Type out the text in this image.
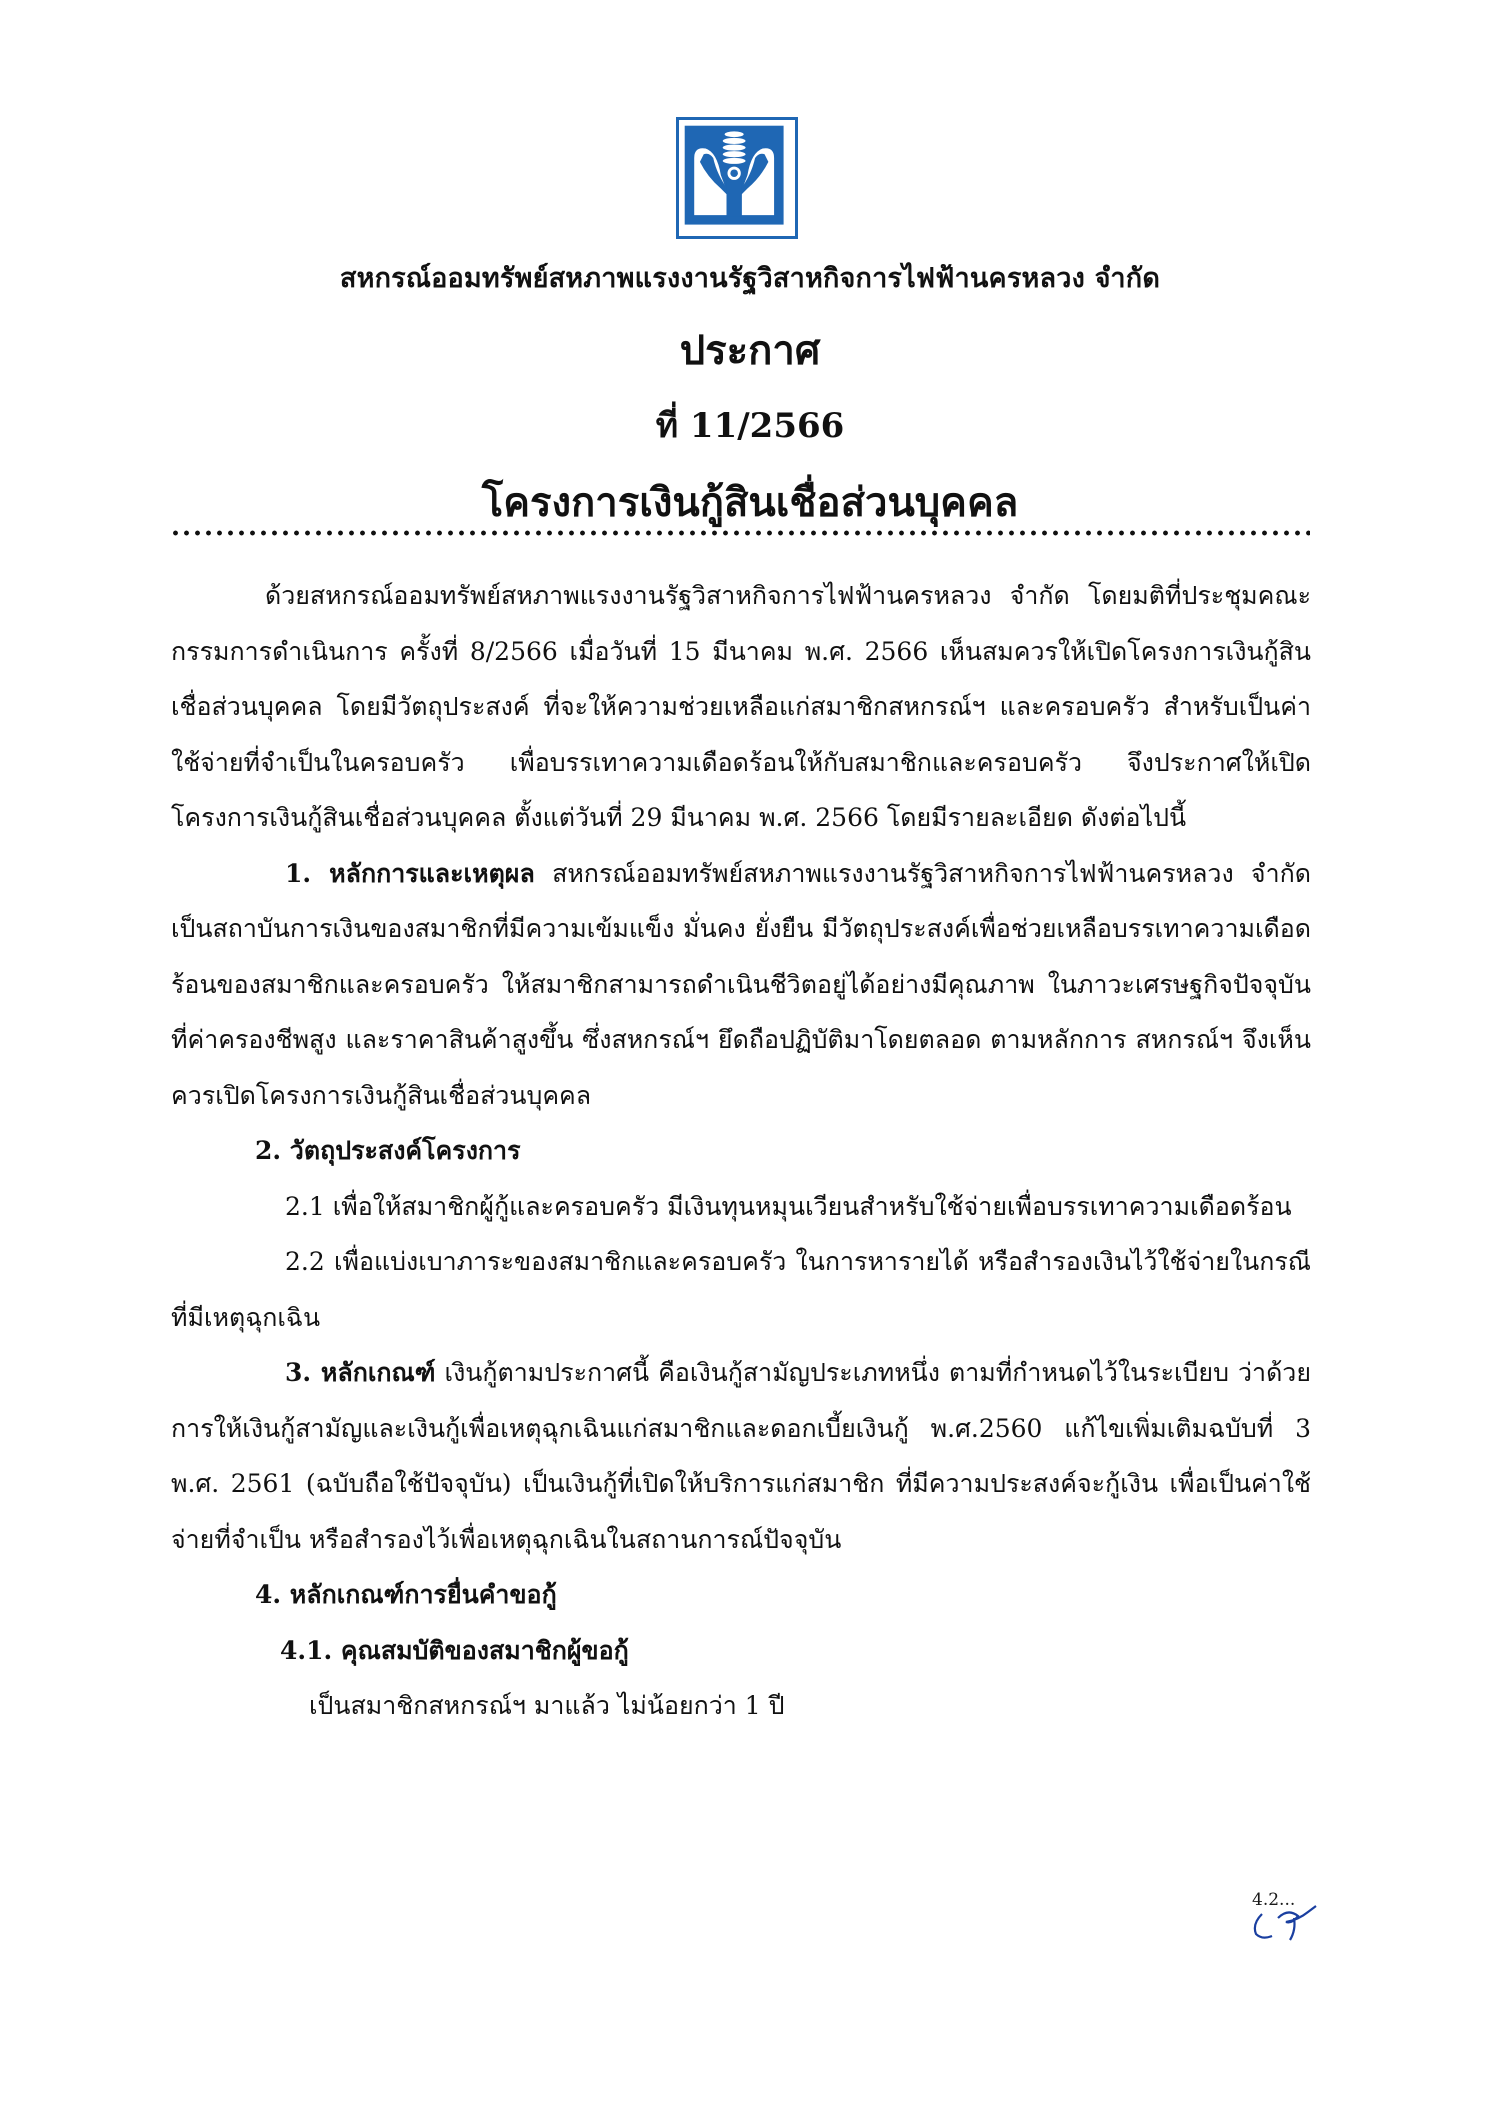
สหกรณ์ออมทรัพย์สหภาพแรงงานรัฐวิสาหกิจการไฟฟ้านครหลวง จำกัด
ประกาศ
ที่ 11/2566
โครงการเงินกู้สินเชื่อส่วนบุคคล

ด้วยสหกรณ์ออมทรัพย์สหภาพแรงงานรัฐวิสาหกิจการไฟฟ้านครหลวง จำกัด โดยมติที่ประชุมคณะกรรมการดำเนินการ ครั้งที่ 8/2566 เมื่อวันที่ 15 มีนาคม พ.ศ. 2566 เห็นสมควรให้เปิดโครงการเงินกู้สินเชื่อส่วนบุคคล โดยมีวัตถุประสงค์ ที่จะให้ความช่วยเหลือแก่สมาชิกสหกรณ์ฯ และครอบครัว สำหรับเป็นค่าใช้จ่ายที่จำเป็นในครอบครัว เพื่อบรรเทาความเดือดร้อนให้กับสมาชิกและครอบครัว จึงประกาศให้เปิดโครงการเงินกู้สินเชื่อส่วนบุคคล ตั้งแต่วันที่ 29 มีนาคม พ.ศ. 2566 โดยมีรายละเอียด ดังต่อไปนี้

1. หลักการและเหตุผล สหกรณ์ออมทรัพย์สหภาพแรงงานรัฐวิสาหกิจการไฟฟ้านครหลวง จำกัด เป็นสถาบันการเงินของสมาชิกที่มีความเข้มแข็ง มั่นคง ยั่งยืน มีวัตถุประสงค์เพื่อช่วยเหลือบรรเทาความเดือดร้อนของสมาชิกและครอบครัว ให้สมาชิกสามารถดำเนินชีวิตอยู่ได้อย่างมีคุณภาพ ในภาวะเศรษฐกิจปัจจุบัน ที่ค่าครองชีพสูง และราคาสินค้าสูงขึ้น ซึ่งสหกรณ์ฯ ยึดถือปฏิบัติมาโดยตลอด ตามหลักการ สหกรณ์ฯ จึงเห็นควรเปิดโครงการเงินกู้สินเชื่อส่วนบุคคล

2. วัตถุประสงค์โครงการ

2.1 เพื่อให้สมาชิกผู้กู้และครอบครัว มีเงินทุนหมุนเวียนสำหรับใช้จ่ายเพื่อบรรเทาความเดือดร้อน

2.2 เพื่อแบ่งเบาภาระของสมาชิกและครอบครัว ในการหารายได้ หรือสำรองเงินไว้ใช้จ่ายในกรณีที่มีเหตุฉุกเฉิน

3. หลักเกณฑ์ เงินกู้ตามประกาศนี้ คือเงินกู้สามัญประเภทหนึ่ง ตามที่กำหนดไว้ในระเบียบ ว่าด้วย การให้เงินกู้สามัญและเงินกู้เพื่อเหตุฉุกเฉินแก่สมาชิกและดอกเบี้ยเงินกู้ พ.ศ.2560 แก้ไขเพิ่มเติมฉบับที่ 3 พ.ศ. 2561 (ฉบับถือใช้ปัจจุบัน) เป็นเงินกู้ที่เปิดให้บริการแก่สมาชิก ที่มีความประสงค์จะกู้เงิน เพื่อเป็นค่าใช้จ่ายที่จำเป็น หรือสำรองไว้เพื่อเหตุฉุกเฉินในสถานการณ์ปัจจุบัน

4. หลักเกณฑ์การยื่นคำขอกู้

4.1. คุณสมบัติของสมาชิกผู้ขอกู้

เป็นสมาชิกสหกรณ์ฯ มาแล้ว ไม่น้อยกว่า 1 ปี

4.2...
